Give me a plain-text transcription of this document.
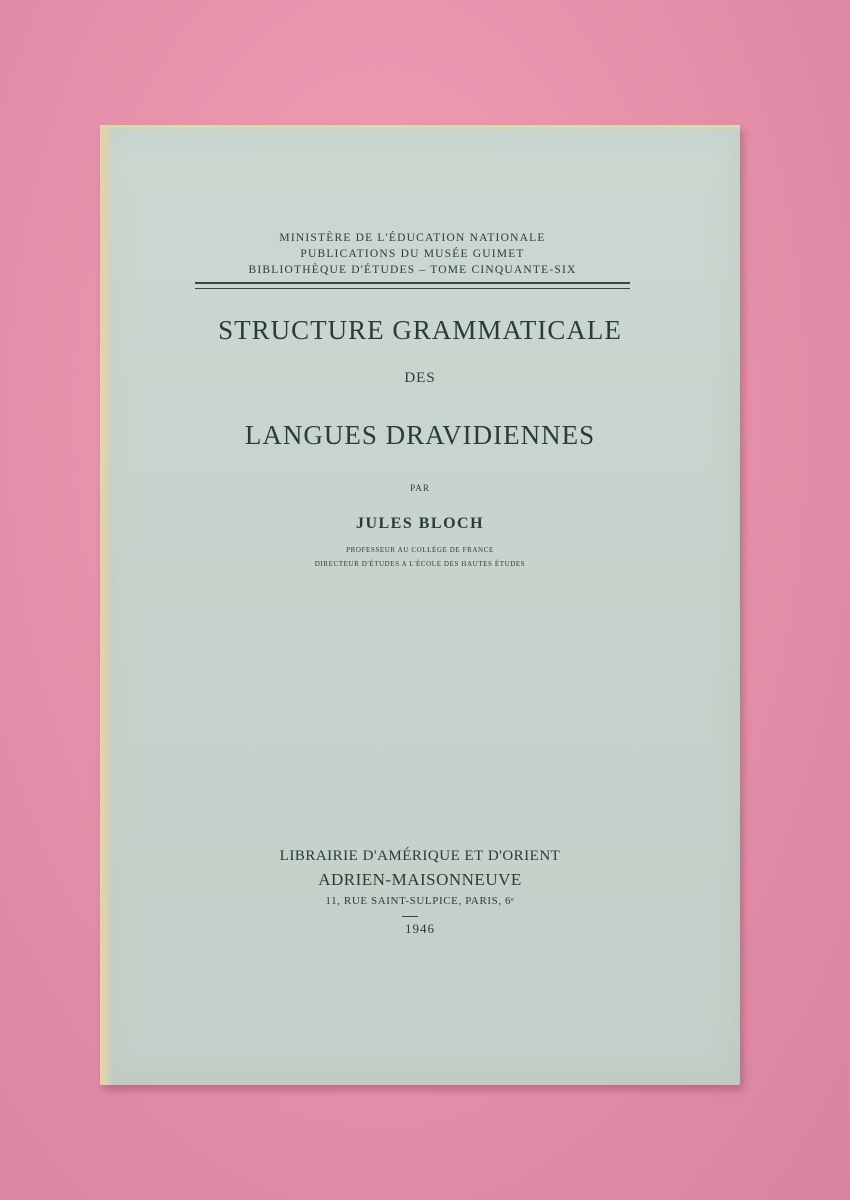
MINISTÈRE DE L'ÉDUCATION NATIONALE
PUBLICATIONS DU MUSÉE GUIMET
BIBLIOTHÈQUE D'ÉTUDES – TOME CINQUANTE-SIX
STRUCTURE GRAMMATICALE
DES
LANGUES DRAVIDIENNES
PAR
JULES BLOCH
PROFESSEUR AU COLLÈGE DE FRANCE
DIRECTEUR D'ÉTUDES A L'ÉCOLE DES HAUTES ÉTUDES
LIBRAIRIE D'AMÉRIQUE ET D'ORIENT
ADRIEN-MAISONNEUVE
11, RUE SAINT-SULPICE, PARIS, 6ᵉ
1946
